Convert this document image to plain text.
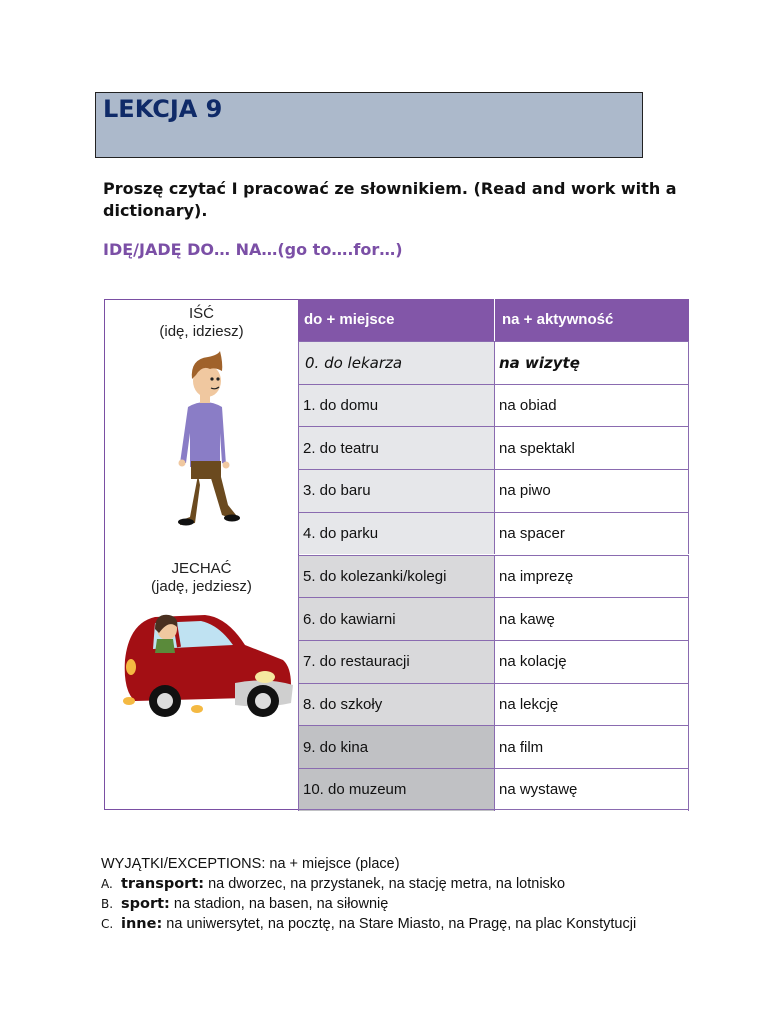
LEKCJA 9
Proszę czytać I pracować ze słownikiem. (Read and work with a dictionary).
IDĘ/JADĘ DO… NA…(go to….for…)
IŚĆ
(idę, idziesz)
JECHAĆ
(jadę, jedziesz)
do + miejsce	na + aktywność
0. do lekarza	na wizytę
1. do domu	na obiad
2. do teatru	na spektakl
3. do baru	na piwo
4. do parku	na spacer
5. do kolezanki/kolegi	na imprezę
6. do kawiarni	na kawę
7. do restauracji	na kolację
8. do szkoły	na lekcję
9. do kina	na film
10. do muzeum	na wystawę
WYJĄTKI/EXCEPTIONS: na + miejsce (place)
A. transport: na dworzec, na przystanek, na stację metra, na lotnisko
B. sport: na stadion, na basen, na siłownię
C. inne: na uniwersytet, na pocztę, na Stare Miasto, na Pragę, na plac Konstytucji
